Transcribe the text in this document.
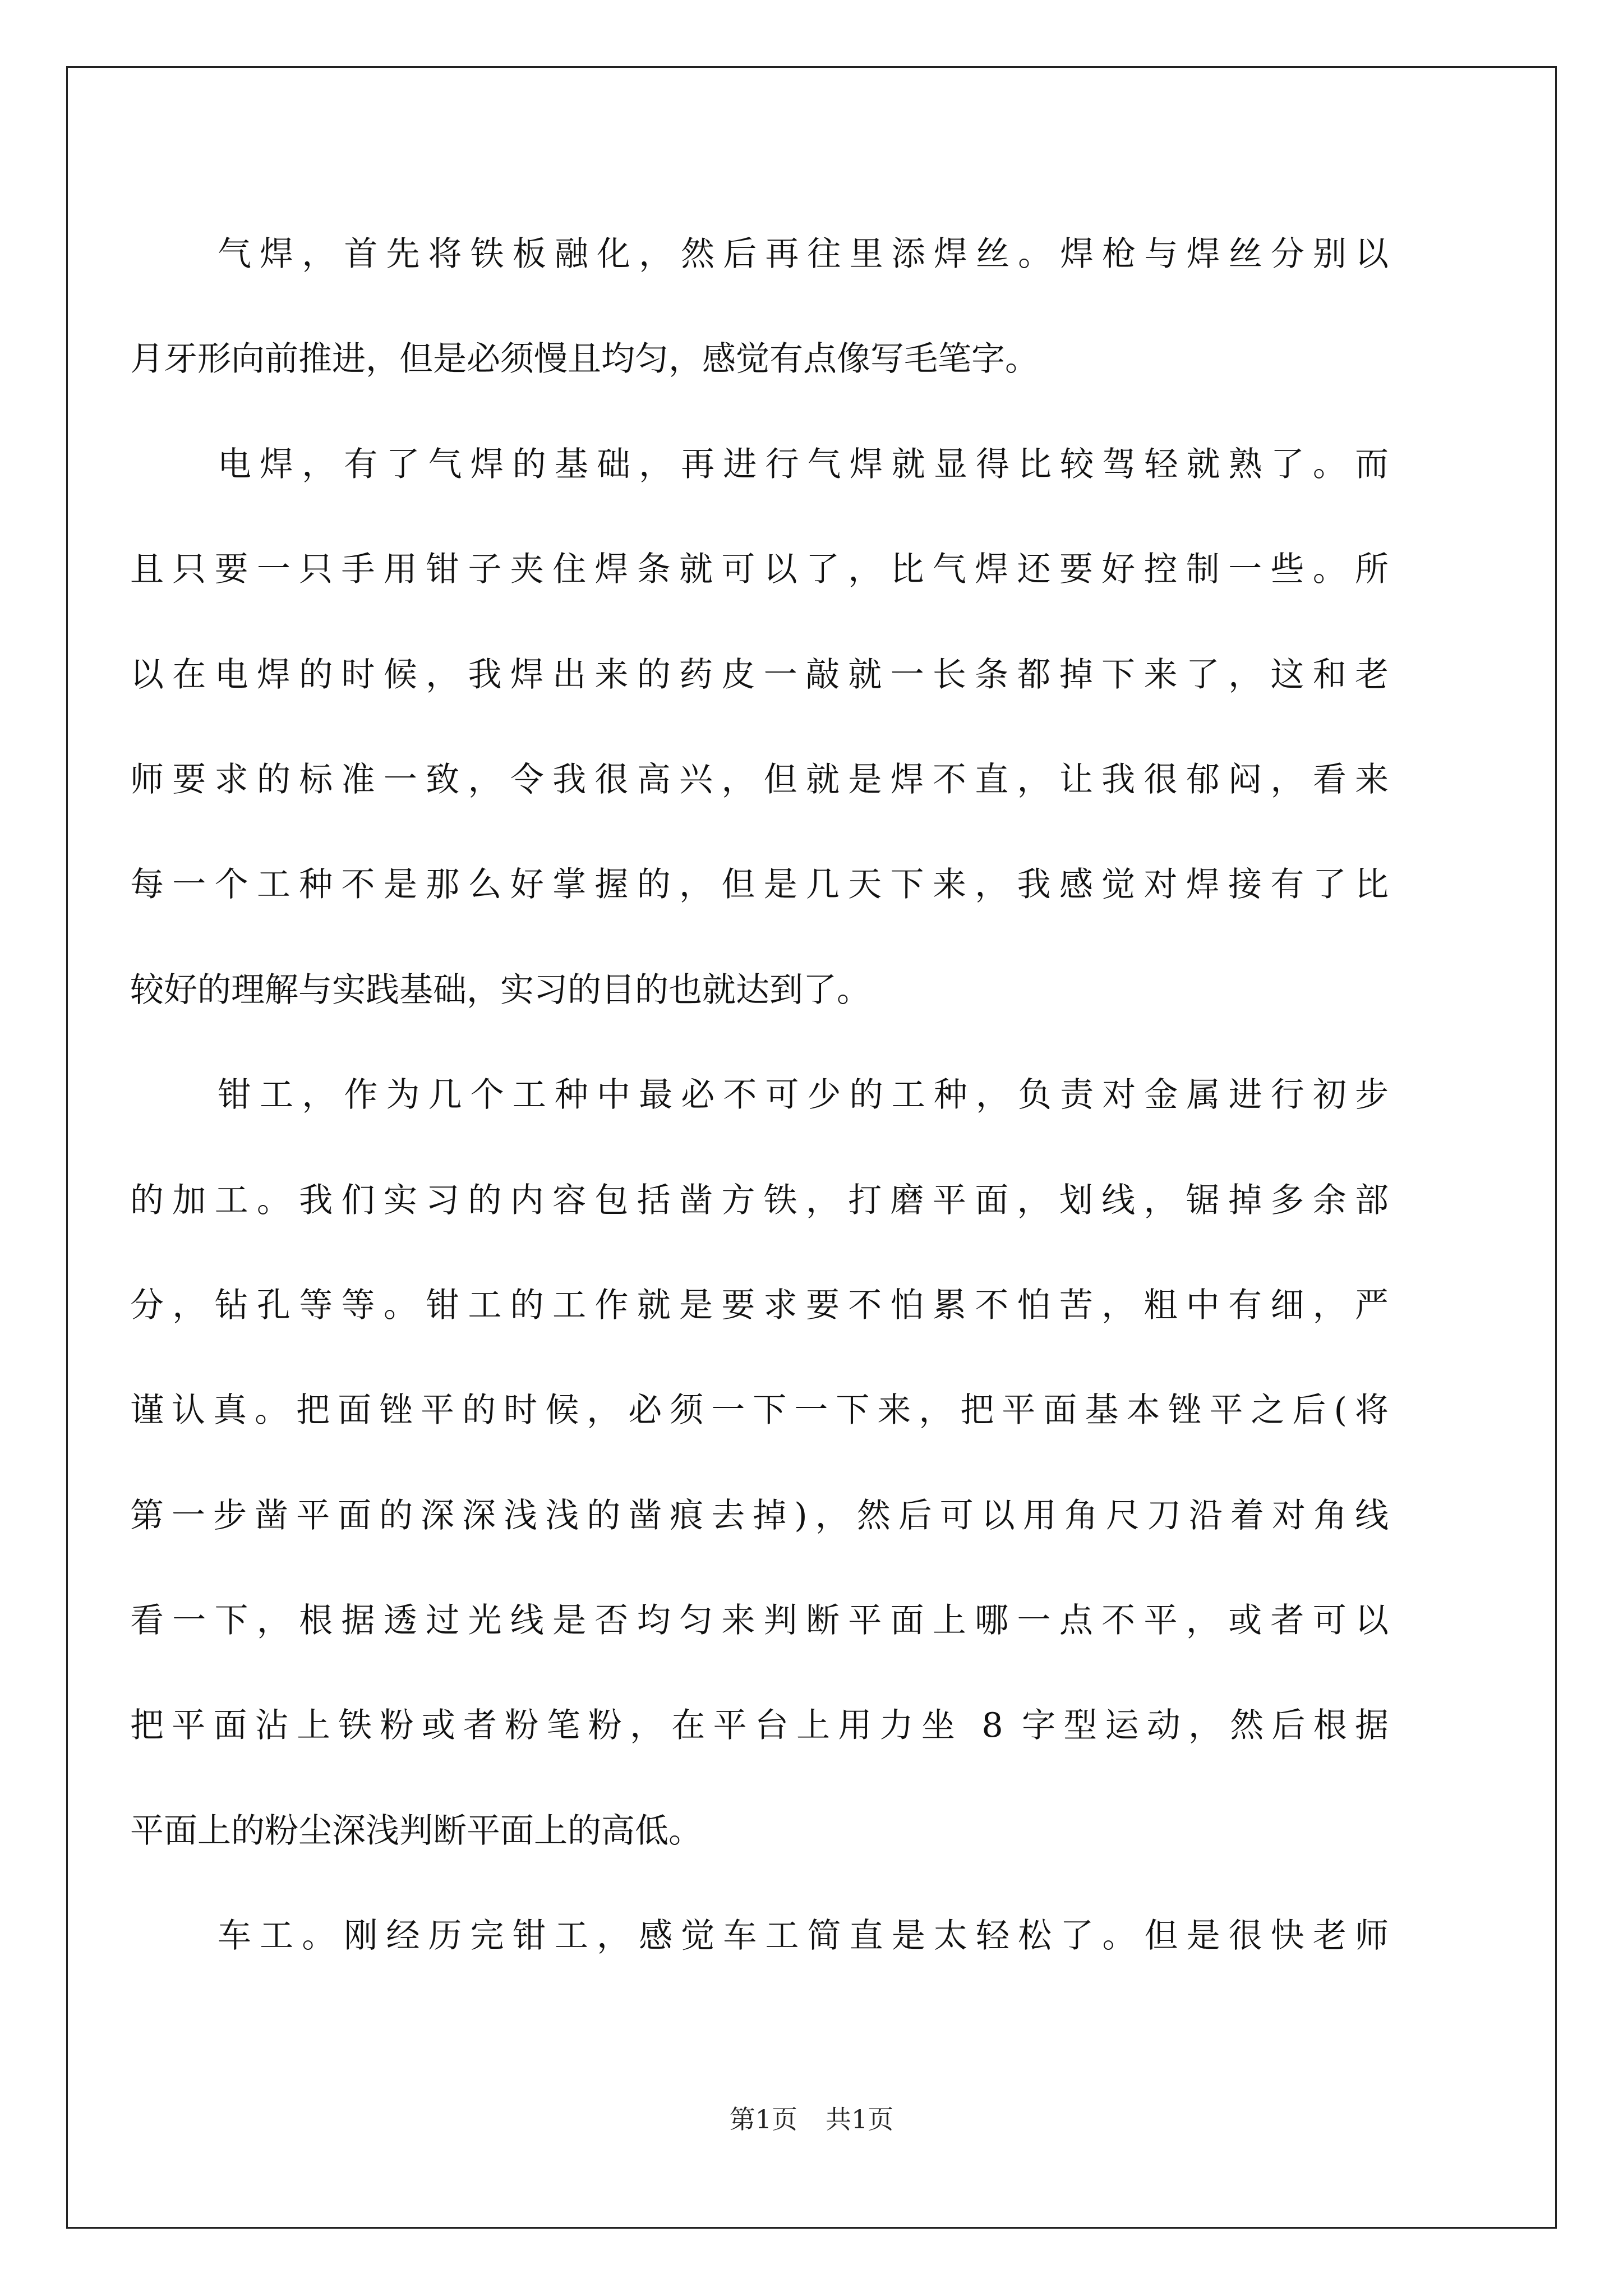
气焊，首先将铁板融化，然后再往里添焊丝。焊枪与焊丝分别以
月牙形向前推进，但是必须慢且均匀，感觉有点像写毛笔字。

电焊，有了气焊的基础，再进行气焊就显得比较驾轻就熟了。而
且只要一只手用钳子夹住焊条就可以了，比气焊还要好控制一些。所
以在电焊的时候，我焊出来的药皮一敲就一长条都掉下来了，这和老
师要求的标准一致，令我很高兴，但就是焊不直，让我很郁闷，看来
每一个工种不是那么好掌握的，但是几天下来，我感觉对焊接有了比
较好的理解与实践基础，实习的目的也就达到了。

钳工，作为几个工种中最必不可少的工种，负责对金属进行初步
的加工。我们实习的内容包括凿方铁，打磨平面，划线，锯掉多余部
分，钻孔等等。钳工的工作就是要求要不怕累不怕苦，粗中有细，严
谨认真。把面锉平的时候，必须一下一下来，把平面基本锉平之后(将
第一步凿平面的深深浅浅的凿痕去掉)，然后可以用角尺刀沿着对角线
看一下，根据透过光线是否均匀来判断平面上哪一点不平，或者可以
把平面沾上铁粉或者粉笔粉，在平台上用力坐 8 字型运动，然后根据
平面上的粉尘深浅判断平面上的高低。

车工。刚经历完钳工，感觉车工简直是太轻松了。但是很快老师

第1页 共1页
